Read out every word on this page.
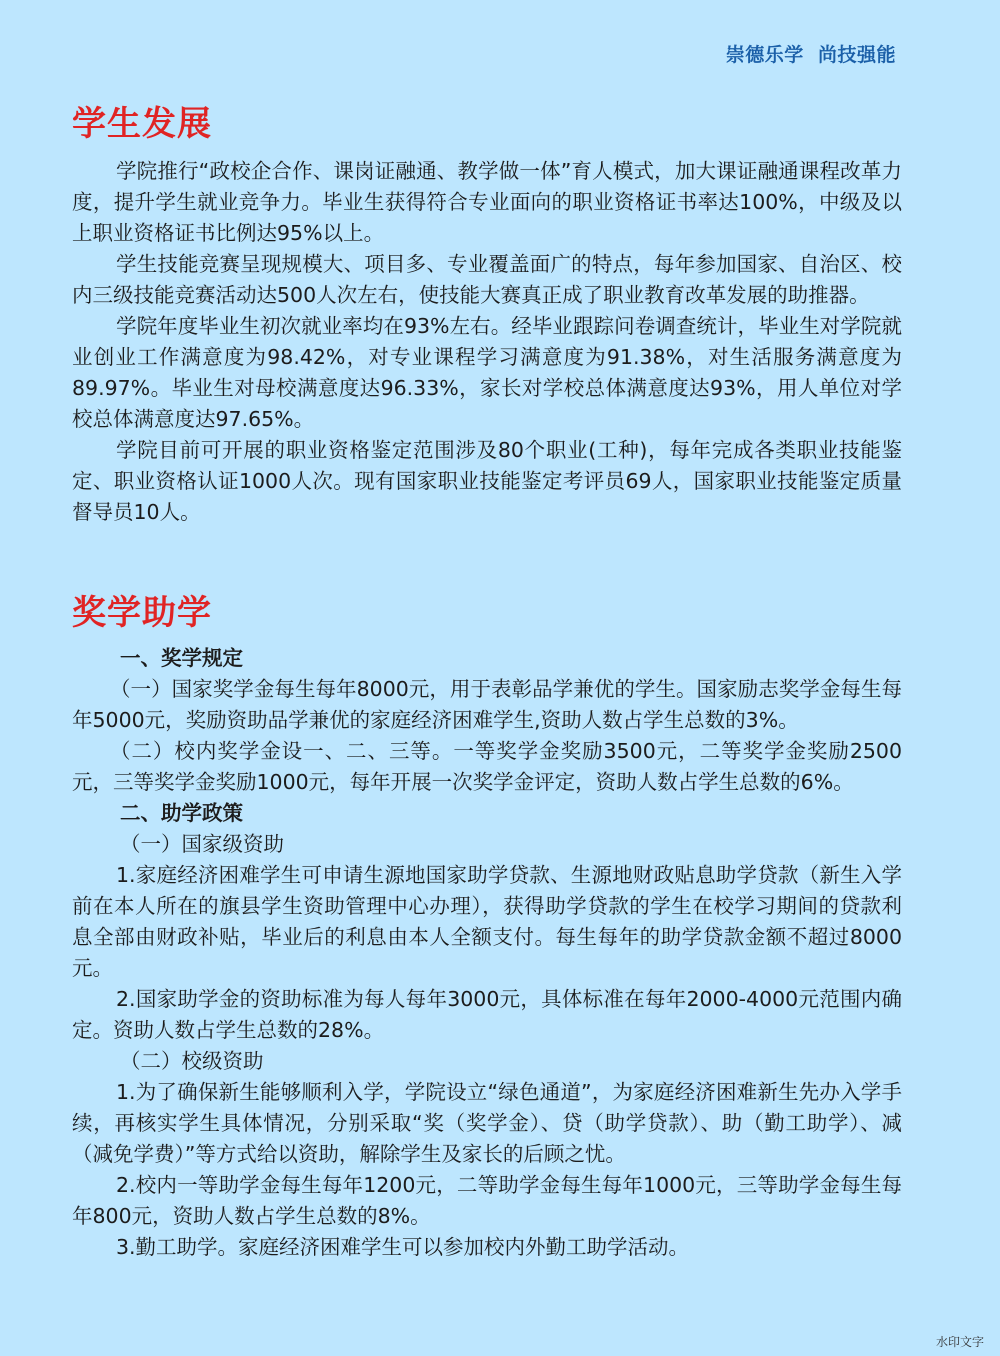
崇德乐学  尚技强能
学生发展

学院推行“政校企合作、课岗证融通、教学做一体”育人模式，加大课证融通课程改革力度，提升学生就业竞争力。毕业生获得符合专业面向的职业资格证书率达100%，中级及以上职业资格证书比例达95%以上。

学生技能竞赛呈现规模大、项目多、专业覆盖面广的特点，每年参加国家、自治区、校内三级技能竞赛活动达500人次左右，使技能大赛真正成了职业教育改革发展的助推器。

学院年度毕业生初次就业率均在93%左右。经毕业跟踪问卷调查统计，毕业生对学院就业创业工作满意度为98.42%，对专业课程学习满意度为91.38%，对生活服务满意度为89.97%。毕业生对母校满意度达96.33%，家长对学校总体满意度达93%，用人单位对学校总体满意度达97.65%。

学院目前可开展的职业资格鉴定范围涉及80个职业(工种)，每年完成各类职业技能鉴定、职业资格认证1000人次。现有国家职业技能鉴定考评员69人，国家职业技能鉴定质量督导员10人。

奖学助学

一、奖学规定

（一）国家奖学金每生每年8000元，用于表彰品学兼优的学生。国家励志奖学金每生每年5000元，奖励资助品学兼优的家庭经济困难学生,资助人数占学生总数的3%。

（二）校内奖学金设一、二、三等。一等奖学金奖励3500元，二等奖学金奖励2500元，三等奖学金奖励1000元，每年开展一次奖学金评定，资助人数占学生总数的6%。

二、助学政策

（一）国家级资助

1.家庭经济困难学生可申请生源地国家助学贷款、生源地财政贴息助学贷款（新生入学前在本人所在的旗县学生资助管理中心办理），获得助学贷款的学生在校学习期间的贷款利息全部由财政补贴，毕业后的利息由本人全额支付。每生每年的助学贷款金额不超过8000元。

2.国家助学金的资助标准为每人每年3000元，具体标准在每年2000-4000元范围内确定。资助人数占学生总数的28%。

（二）校级资助

1.为了确保新生能够顺利入学，学院设立“绿色通道”，为家庭经济困难新生先办入学手续，再核实学生具体情况，分别采取“奖（奖学金）、贷（助学贷款）、助（勤工助学）、减（减免学费）”等方式给以资助，解除学生及家长的后顾之忧。

2.校内一等助学金每生每年1200元，二等助学金每生每年1000元，三等助学金每生每年800元，资助人数占学生总数的8%。

3.勤工助学。家庭经济困难学生可以参加校内外勤工助学活动。

水印文字
